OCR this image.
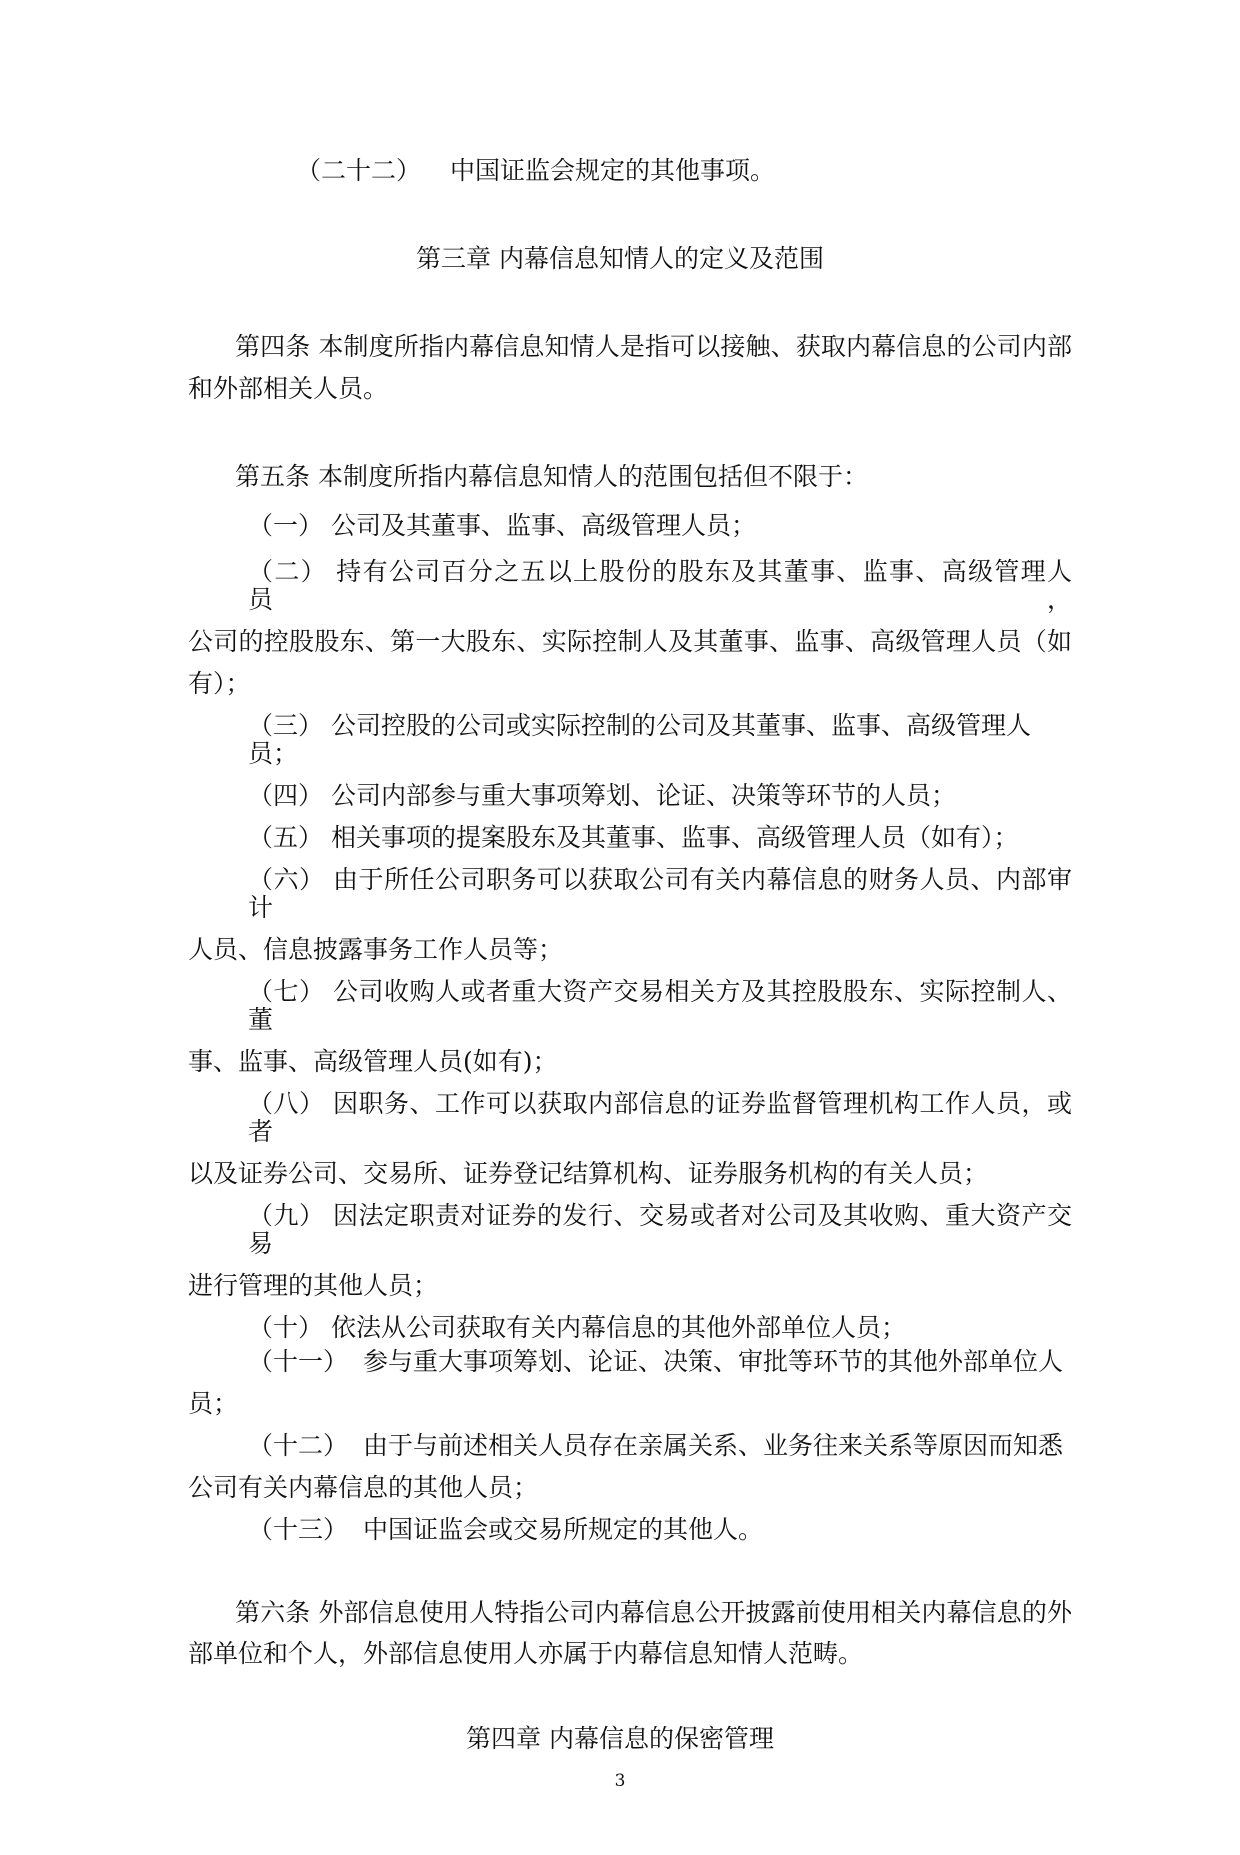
（二十二） 中国证监会规定的其他事项。
第三章 内幕信息知情人的定义及范围
第四条 本制度所指内幕信息知情人是指可以接触、获取内幕信息的公司内部
和外部相关人员。
第五条 本制度所指内幕信息知情人的范围包括但不限于：
（一） 公司及其董事、监事、高级管理人员；
（二） 持有公司百分之五以上股份的股东及其董事、监事、高级管理人员，
公司的控股股东、第一大股东、实际控制人及其董事、监事、高级管理人员（如
有）；
（三） 公司控股的公司或实际控制的公司及其董事、监事、高级管理人员；
（四） 公司内部参与重大事项筹划、论证、决策等环节的人员；
（五） 相关事项的提案股东及其董事、监事、高级管理人员（如有）；
（六） 由于所任公司职务可以获取公司有关内幕信息的财务人员、内部审计
人员、信息披露事务工作人员等；
（七） 公司收购人或者重大资产交易相关方及其控股股东、实际控制人、董
事、监事、高级管理人员(如有)；
（八） 因职务、工作可以获取内部信息的证券监督管理机构工作人员，或者
以及证券公司、交易所、证券登记结算机构、证券服务机构的有关人员；
（九） 因法定职责对证券的发行、交易或者对公司及其收购、重大资产交易
进行管理的其他人员；
（十） 依法从公司获取有关内幕信息的其他外部单位人员；
（十一） 参与重大事项筹划、论证、决策、审批等环节的其他外部单位人
员；
（十二） 由于与前述相关人员存在亲属关系、业务往来关系等原因而知悉
公司有关内幕信息的其他人员；
（十三） 中国证监会或交易所规定的其他人。
第六条 外部信息使用人特指公司内幕信息公开披露前使用相关内幕信息的外
部单位和个人，外部信息使用人亦属于内幕信息知情人范畴。
第四章 内幕信息的保密管理
3
